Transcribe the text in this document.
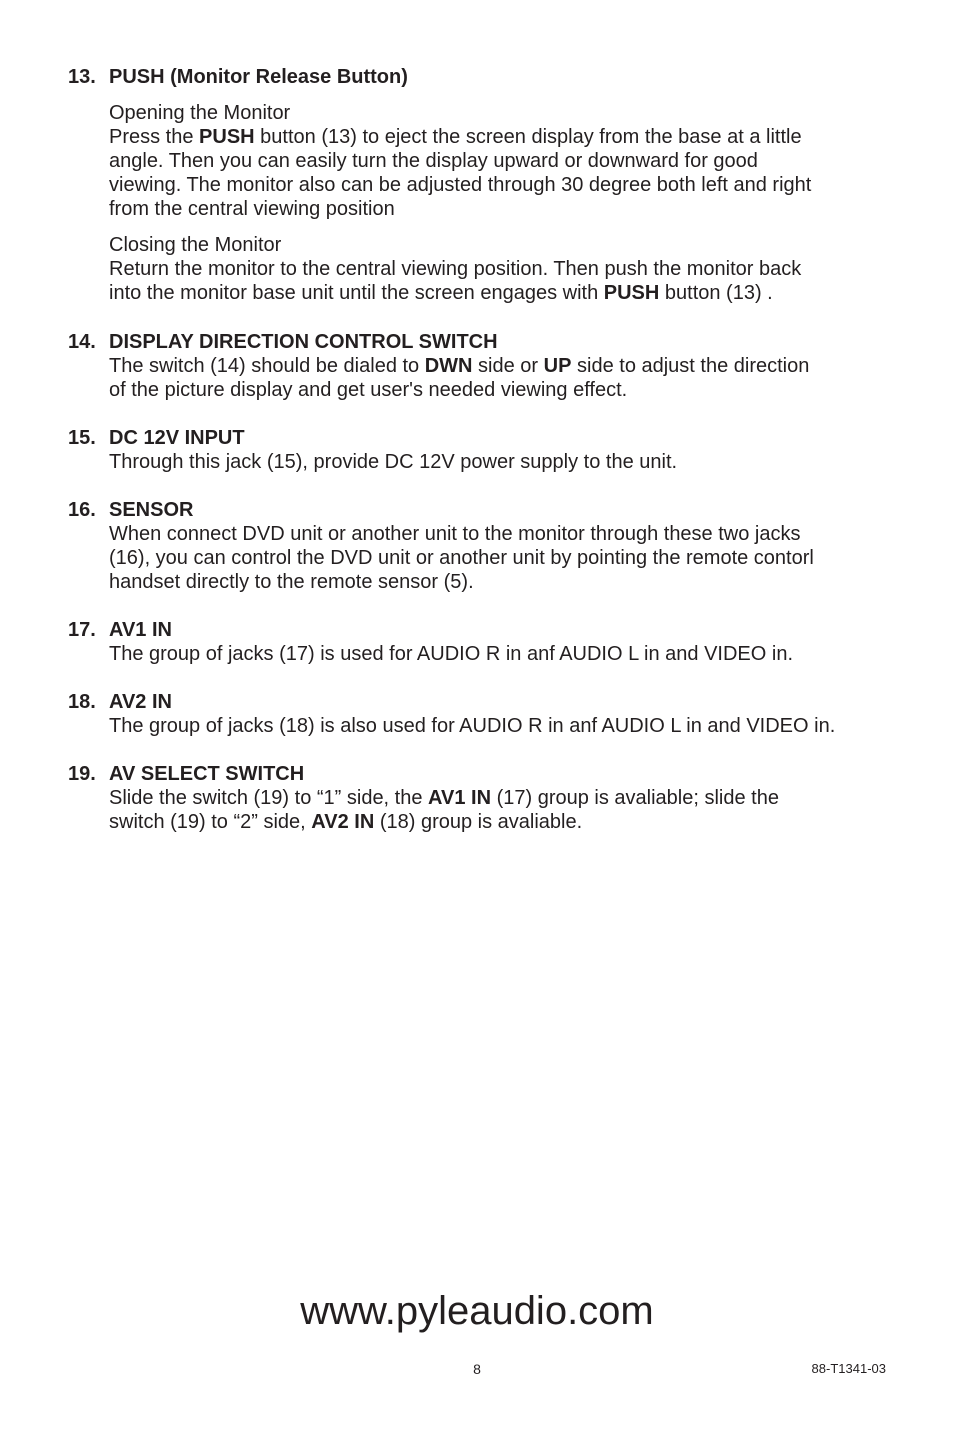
13. PUSH (Monitor Release Button)
Opening the Monitor
Press the PUSH button (13) to eject the screen display from the base at a little
angle. Then you can easily turn the display upward or downward for good
viewing. The monitor also can be adjusted through 30 degree both left and right
from the central viewing position
Closing the Monitor
Return the monitor to the central viewing position. Then push the monitor back
into the monitor base unit until the screen engages with PUSH button (13) .
14. DISPLAY DIRECTION CONTROL SWITCH
The switch (14) should be dialed to DWN side or UP side to adjust the direction
of the picture display and get user's needed viewing effect.
15. DC 12V INPUT
Through this jack (15), provide DC 12V power supply to the unit.
16. SENSOR
When connect DVD unit or another unit to the monitor through these two jacks
(16), you can control the DVD unit or another unit by pointing the remote contorl
handset directly to the remote sensor (5).
17. AV1 IN
The group of jacks (17) is used for AUDIO R in anf AUDIO L in and VIDEO in.
18. AV2 IN
The group of jacks (18) is also used for AUDIO R in anf AUDIO L in and VIDEO in.
19. AV SELECT SWITCH
Slide the switch (19) to “1” side, the AV1 IN (17) group is avaliable; slide the
switch (19) to “2” side, AV2 IN (18) group is avaliable.
www.pyleaudio.com
8	88-T1341-03
